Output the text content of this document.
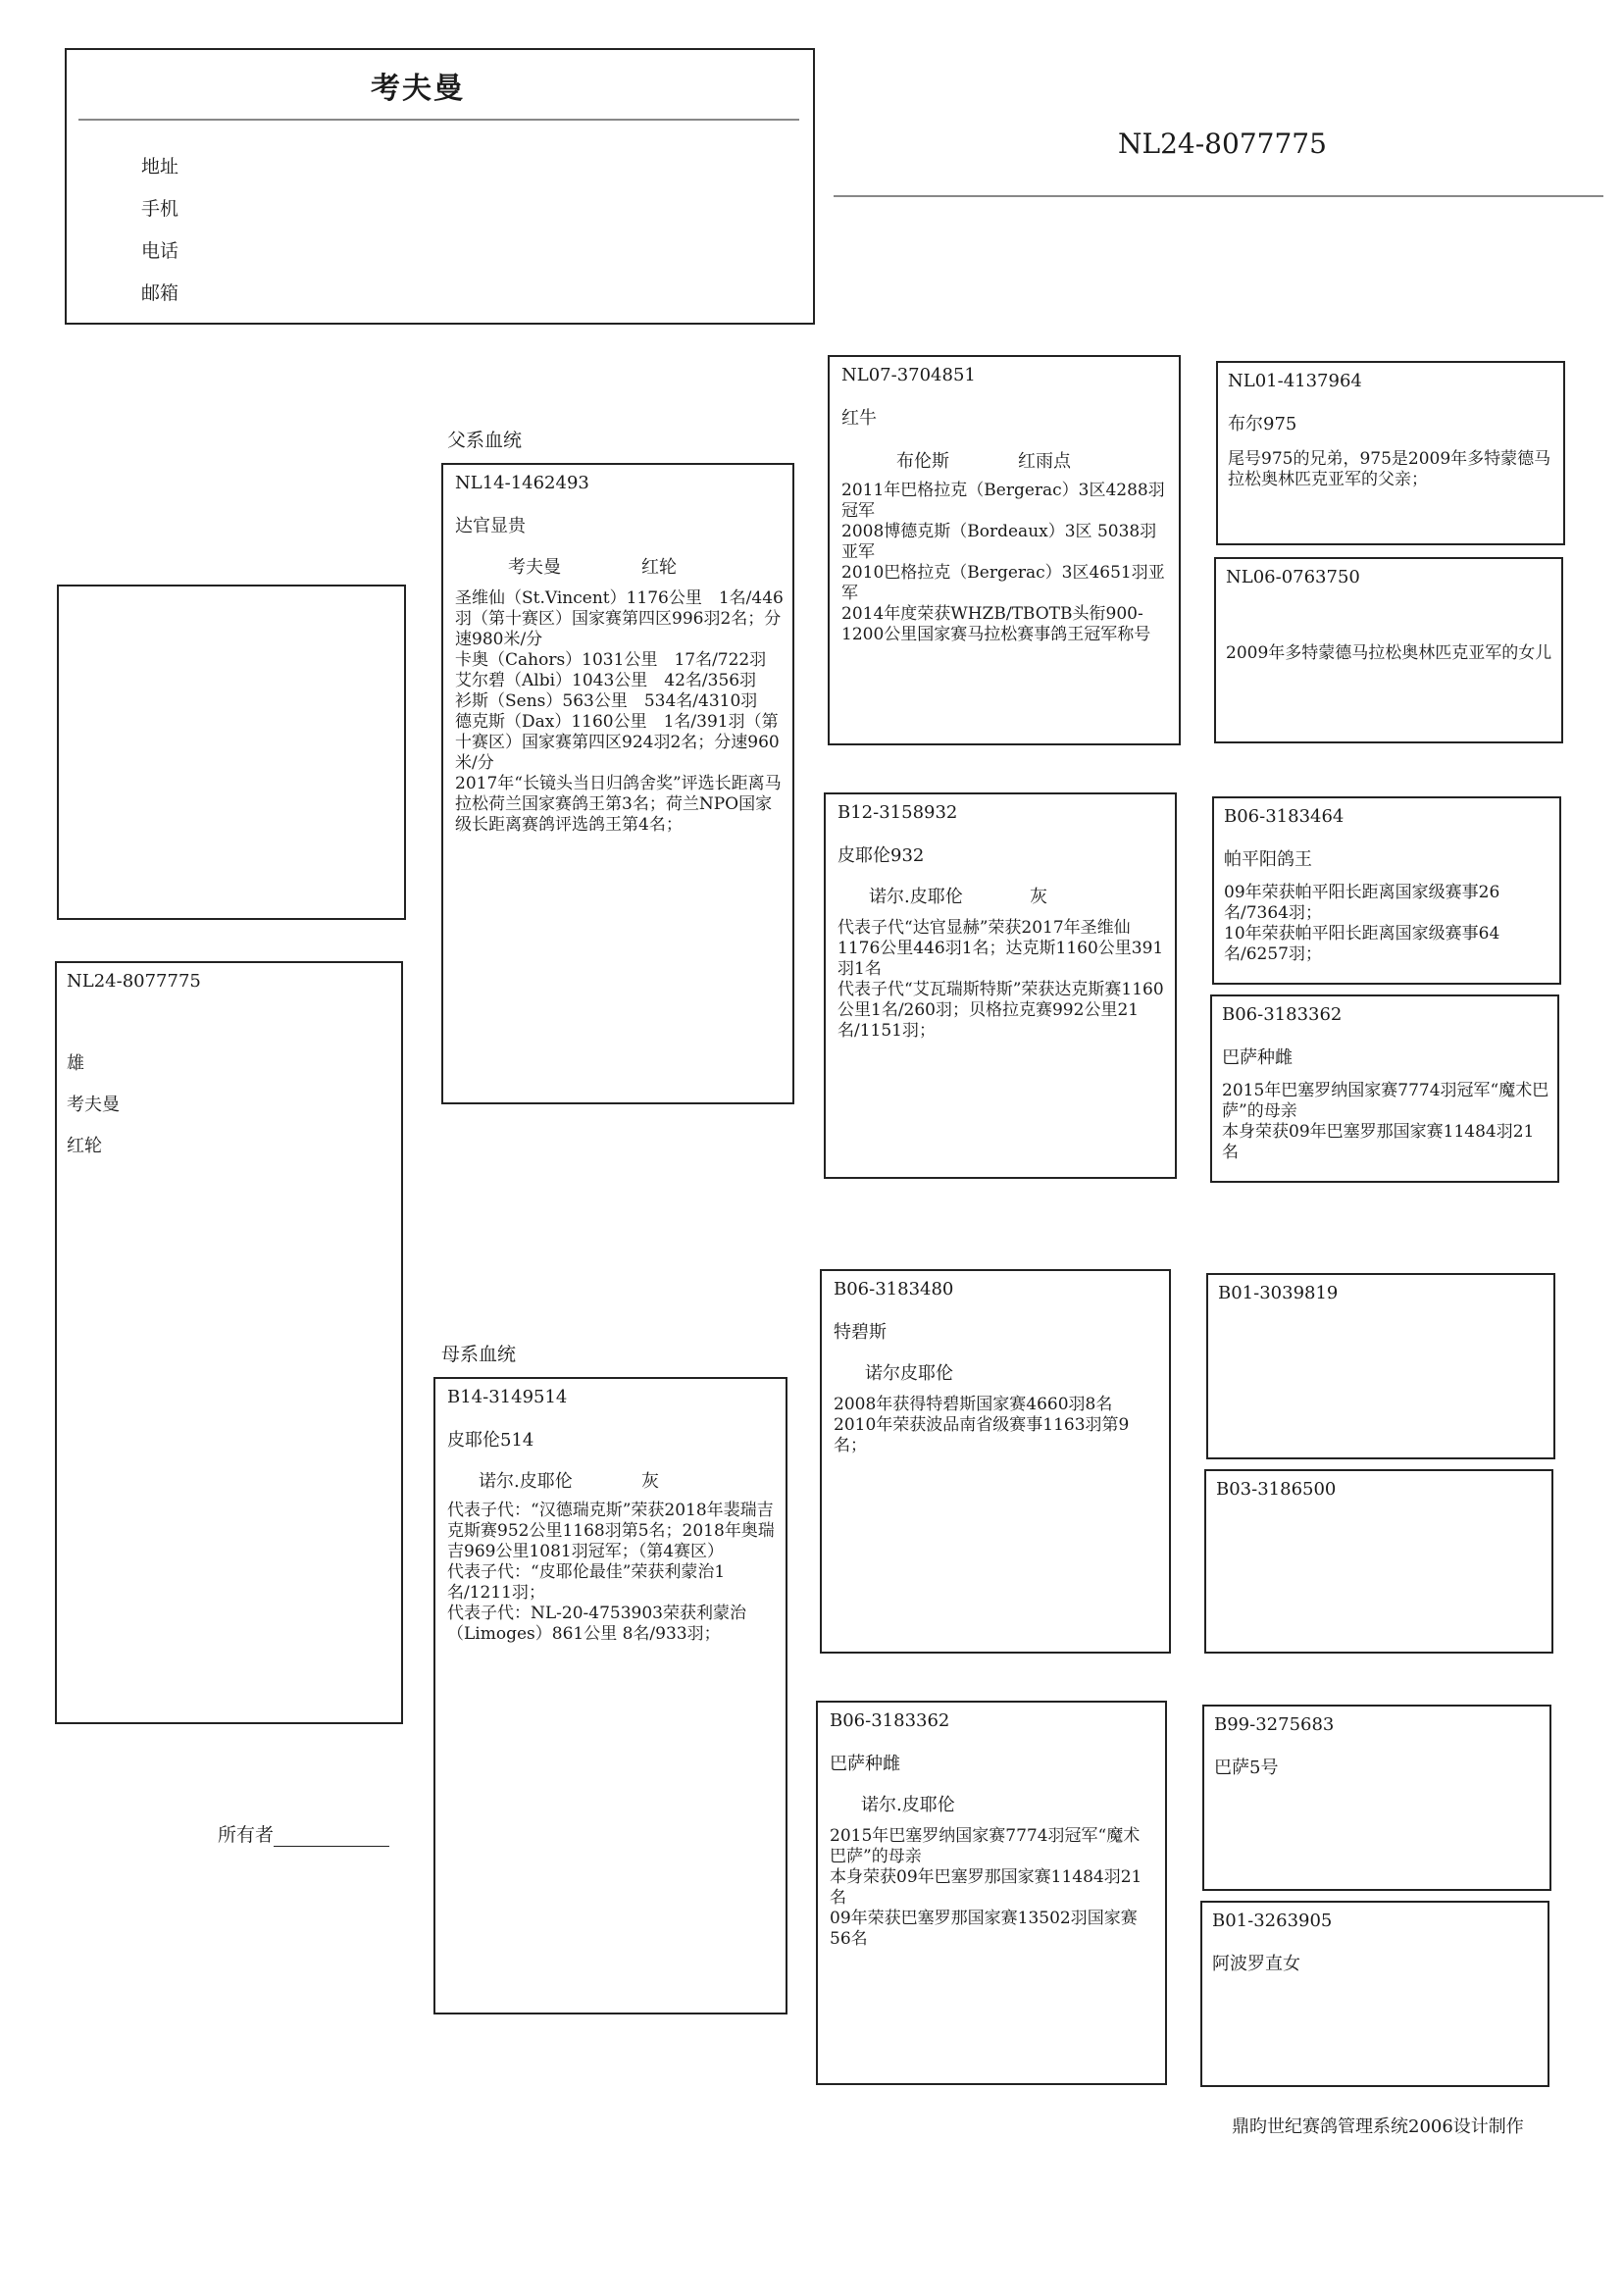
考夫曼
地址
手机
电话
邮箱
NL24-8077775
NL24-8077775
雄
考夫曼
红轮
所有者
父系血统
母系血统
NL14-1462493
达官显贵
考夫曼	红轮
圣维仙（St.Vincent）1176公里　1名/446羽（第十赛区）国家赛第四区996羽2名；分速980米/分
卡奥（Cahors）1031公里　17名/722羽
艾尔碧（Albi）1043公里　42名/356羽
衫斯（Sens）563公里　534名/4310羽
德克斯（Dax）1160公里　1名/391羽（第十赛区）国家赛第四区924羽2名；分速960米/分
2017年“长镜头当日归鸽舍奖”评选长距离马拉松荷兰国家赛鸽王第3名；荷兰NPO国家级长距离赛鸽评选鸽王第4名；
B14-3149514
皮耶伦514
诺尔.皮耶伦	灰
代表子代：“汉德瑞克斯”荣获2018年裴瑞吉克斯赛952公里1168羽第5名；2018年奥瑞吉969公里1081羽冠军；（第4赛区）
代表子代：“皮耶伦最佳”荣获利蒙治1名/1211羽；
代表子代：NL-20-4753903荣获利蒙治（Limoges）861公里 8名/933羽；
NL07-3704851
红牛
布伦斯	红雨点
2011年巴格拉克（Bergerac）3区4288羽冠军
2008博德克斯（Bordeaux）3区 5038羽 亚军
2010巴格拉克（Bergerac）3区4651羽亚军
2014年度荣获WHZB/TBOTB头衔900-1200公里国家赛马拉松赛事鸽王冠军称号
B12-3158932
皮耶伦932
诺尔.皮耶伦	灰
代表子代“达官显赫”荣获2017年圣维仙1176公里446羽1名；达克斯1160公里391羽1名
代表子代“艾瓦瑞斯特斯”荣获达克斯赛1160公里1名/260羽；贝格拉克赛992公里21名/1151羽；
B06-3183480
特碧斯
诺尔皮耶伦
2008年获得特碧斯国家赛4660羽8名
2010年荣获波品南省级赛事1163羽第9名；
B06-3183362
巴萨种雌
诺尔.皮耶伦
2015年巴塞罗纳国家赛7774羽冠军“魔术巴萨”的母亲
本身荣获09年巴塞罗那国家赛11484羽21名
09年荣获巴塞罗那国家赛13502羽国家赛56名
NL01-4137964
布尔975
尾号975的兄弟，975是2009年多特蒙德马拉松奥林匹克亚军的父亲；
NL06-0763750
2009年多特蒙德马拉松奥林匹克亚军的女儿
B06-3183464
帕平阳鸽王
09年荣获帕平阳长距离国家级赛事26名/7364羽；
10年荣获帕平阳长距离国家级赛事64名/6257羽；
B06-3183362
巴萨种雌
2015年巴塞罗纳国家赛7774羽冠军“魔术巴萨”的母亲
本身荣获09年巴塞罗那国家赛11484羽21名
B01-3039819
B03-3186500
B99-3275683
巴萨5号
B01-3263905
阿波罗直女
鼎昀世纪赛鸽管理系统2006设计制作
